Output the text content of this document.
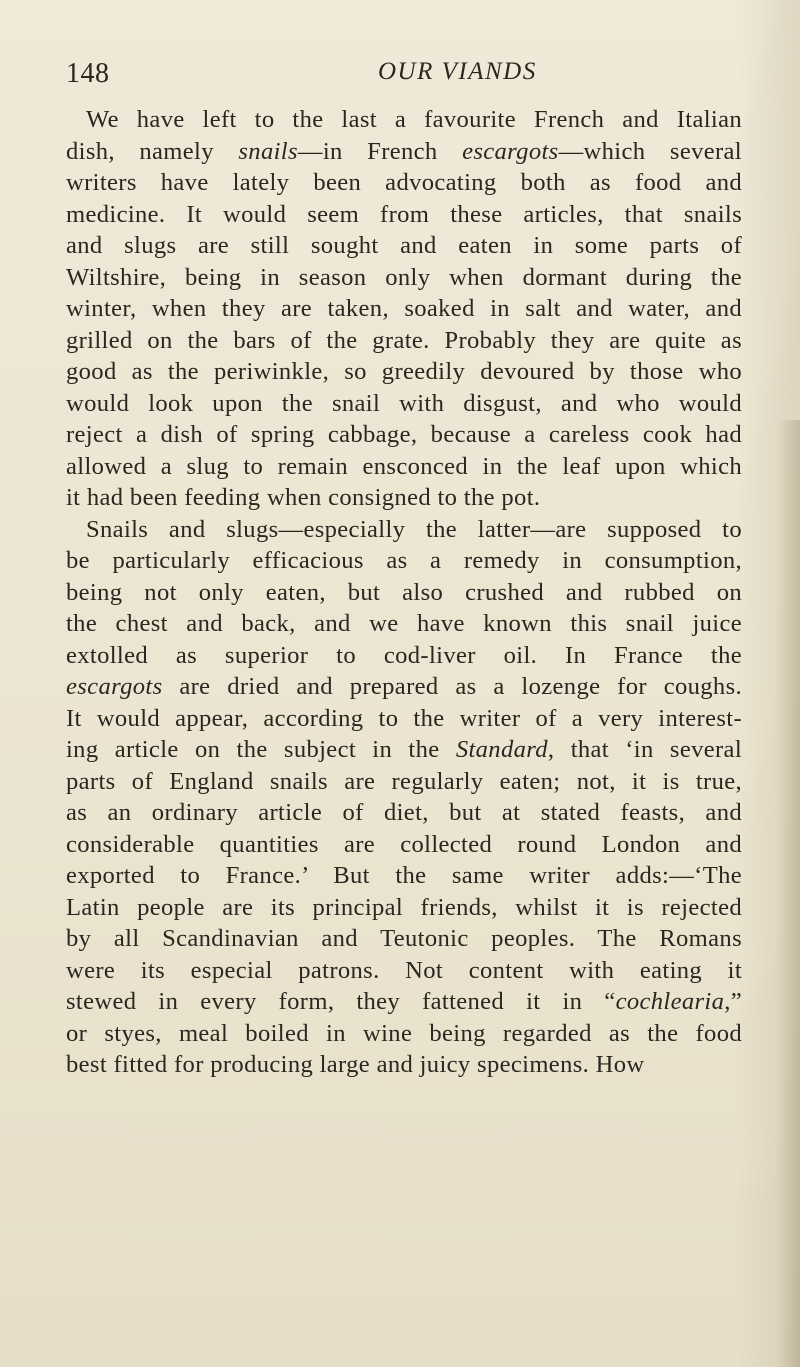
148	OUR VIANDS
We have left to the last a favourite French and Italian
dish, namely snails—in French escargots—which several
writers have lately been advocating both as food and
medicine. It would seem from these articles, that snails
and slugs are still sought and eaten in some parts of
Wiltshire, being in season only when dormant during the
winter, when they are taken, soaked in salt and water, and
grilled on the bars of the grate. Probably they are quite as
good as the periwinkle, so greedily devoured by those who
would look upon the snail with disgust, and who would
reject a dish of spring cabbage, because a careless cook had
allowed a slug to remain ensconced in the leaf upon which
it had been feeding when consigned to the pot.
Snails and slugs—especially the latter—are supposed to
be particularly efficacious as a remedy in consumption,
being not only eaten, but also crushed and rubbed on
the chest and back, and we have known this snail juice
extolled as superior to cod-liver oil. In France the
escargots are dried and prepared as a lozenge for coughs.
It would appear, according to the writer of a very interest-
ing article on the subject in the Standard, that ‘in several
parts of England snails are regularly eaten; not, it is true,
as an ordinary article of diet, but at stated feasts, and
considerable quantities are collected round London and
exported to France.’ But the same writer adds:—‘The
Latin people are its principal friends, whilst it is rejected
by all Scandinavian and Teutonic peoples. The Romans
were its especial patrons. Not content with eating it
stewed in every form, they fattened it in “cochlearia,”
or styes, meal boiled in wine being regarded as the food
best fitted for producing large and juicy specimens. How
